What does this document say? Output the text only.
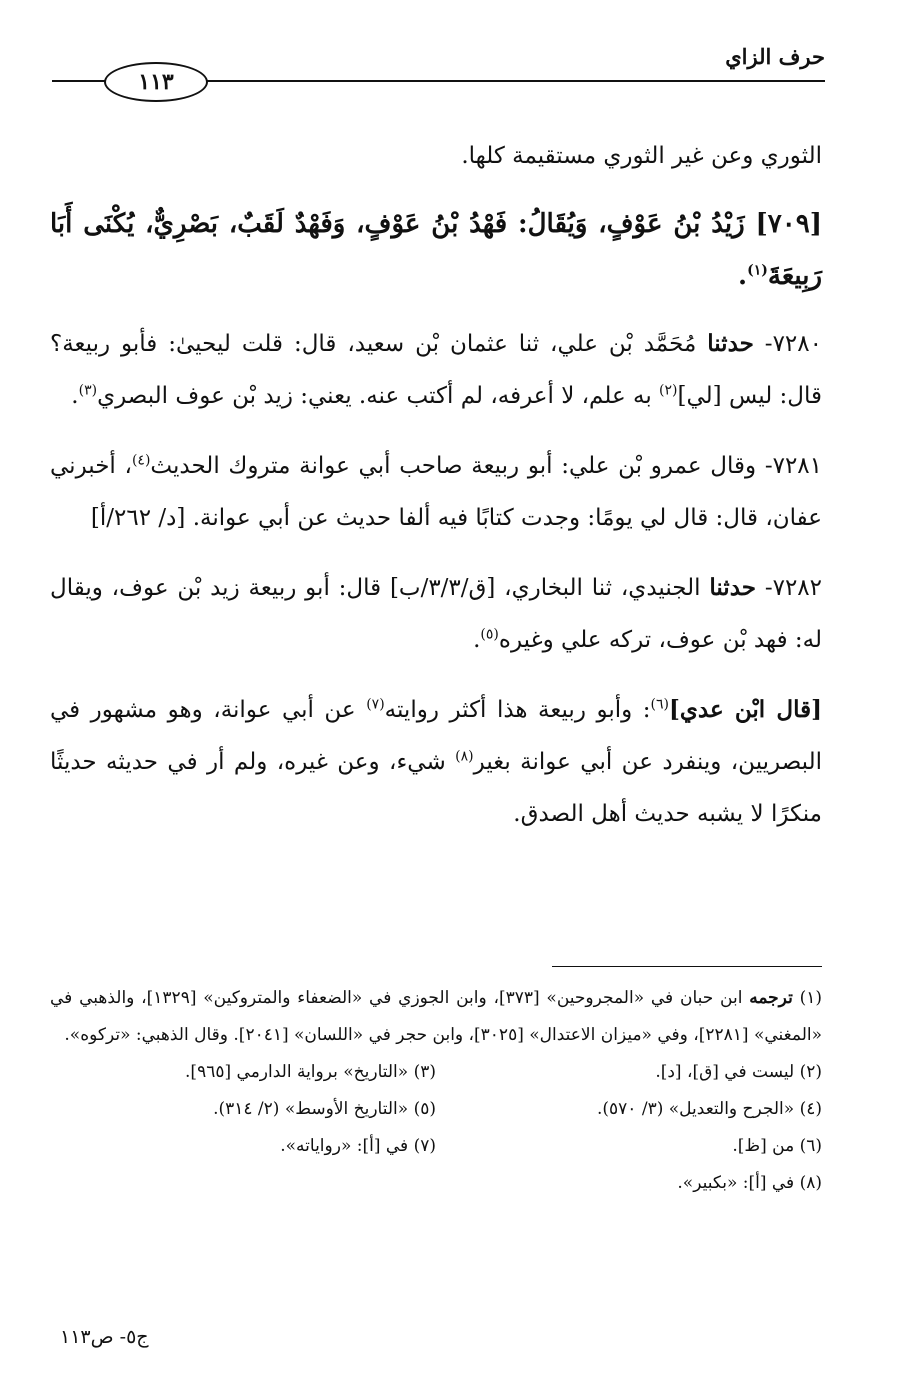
حرف الزاي
١١٣

الثوري وعن غير الثوري مستقيمة كلها.

[٧٠٩] زَيْدُ بْنُ عَوْفٍ، وَيُقَالُ: فَهْدُ بْنُ عَوْفٍ، وَفَهْدٌ لَقَبٌ، بَصْرِيٌّ، يُكْنَى أَبَا رَبِيعَةَ$^{(١)}$.

٧٢٨٠- حدثنا مُحَمَّد بْن علي، ثنا عثمان بْن سعيد، قال: قلت ليحيىٰ: فأبو ربيعة؟ قال: ليس [لي]$^{(٢)}$ به علم، لا أعرفه، لم أكتب عنه. يعني: زيد بْن عوف البصري$^{(٣)}$.

٧٢٨١- وقال عمرو بْن علي: أبو ربيعة صاحب أبي عوانة متروك الحديث$^{(٤)}$، أخبرني عفان، قال: قال لي يومًا: وجدت كتابًا فيه ألفا حديث عن أبي عوانة. [د/ ٢٦٢/أ]

٧٢٨٢- حدثنا الجنيدي، ثنا البخاري، [ق/٣/٣/ب] قال: أبو ربيعة زيد بْن عوف، ويقال له: فهد بْن عوف، تركه علي وغيره$^{(٥)}$.

[قال ابْن عدي]$^{(٦)}$: وأبو ربيعة هذا أكثر روايته$^{(٧)}$ عن أبي عوانة، وهو مشهور في البصريين، وينفرد عن أبي عوانة بغير$^{(٨)}$ شيء، وعن غيره، ولم أر في حديثه حديثًا منكرًا لا يشبه حديث أهل الصدق.

(١) ترجمه ابن حبان في «المجروحين» [٣٧٣]، وابن الجوزي في «الضعفاء والمتروكين» [١٣٢٩]، والذهبي في «المغني» [٢٢٨١]، وفي «ميزان الاعتدال» [٣٠٢٥]، وابن حجر في «اللسان» [٢٠٤١]. وقال الذهبي: «تركوه».
(٢) ليست في [ق]، [د].
(٣) «التاريخ» برواية الدارمي [٩٦٥].
(٤) «الجرح والتعديل» (٣/ ٥٧٠).
(٥) «التاريخ الأوسط» (٢/ ٣١٤).
(٦) من [ظ].
(٧) في [أ]: «رواياته».
(٨) في [أ]: «بكبير».
ج٥- ص١١٣
